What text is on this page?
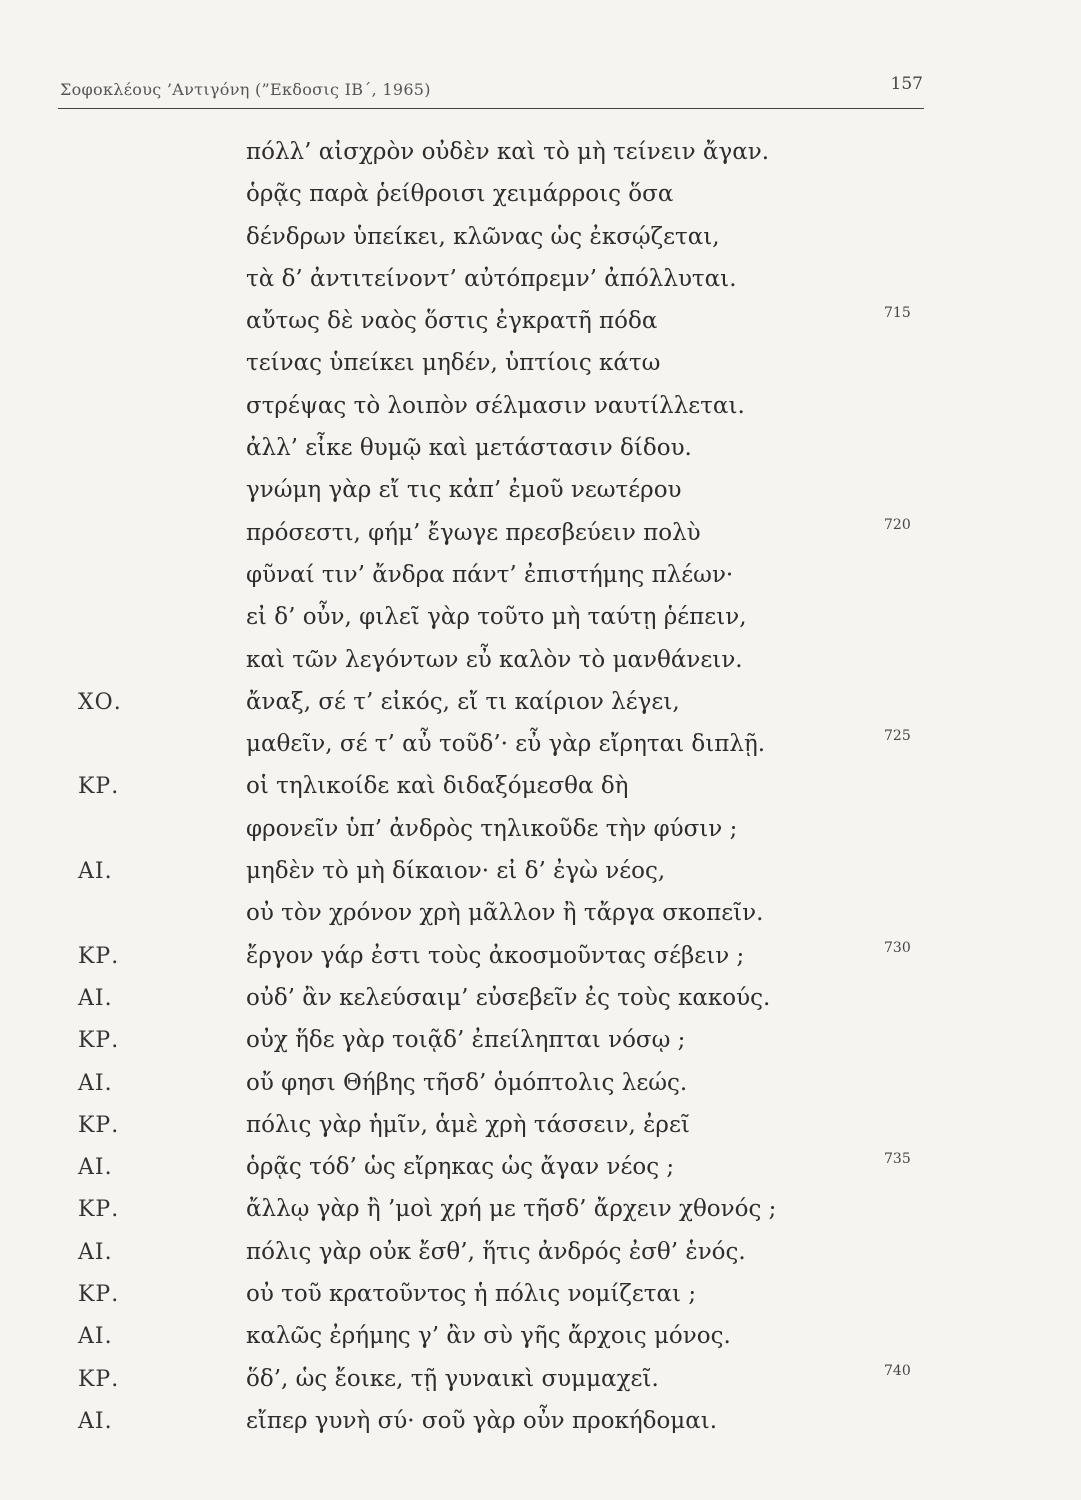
Σοφοκλέους ’Αντιγόνη (”Εκδοσις ΙΒ΄, 1965)	157
πόλλ’ αἰσχρὸν οὐδὲν καὶ τὸ μὴ τείνειν ἄγαν.
ὁρᾷς παρὰ ῥείθροισι χειμάρροις ὅσα
δένδρων ὑπείκει, κλῶνας ὡς ἐκσῴζεται,
τὰ δ’ ἀντιτείνοντ’ αὐτόπρεμν’ ἀπόλλυται.
αὔτως δὲ ναὸς ὅστις ἐγκρατῆ πόδα	715
τείνας ὑπείκει μηδέν, ὑπτίοις κάτω
στρέψας τὸ λοιπὸν σέλμασιν ναυτίλλεται.
ἀλλ’ εἶκε θυμῷ καὶ μετάστασιν δίδου.
γνώμη γὰρ εἴ τις κἀπ’ ἐμοῦ νεωτέρου
πρόσεστι, φήμ’ ἔγωγε πρεσβεύειν πολὺ	720
φῦναί τιν’ ἄνδρα πάντ’ ἐπιστήμης πλέων·
εἰ δ’ οὖν, φιλεῖ γὰρ τοῦτο μὴ ταύτῃ ῥέπειν,
καὶ τῶν λεγόντων εὖ καλὸν τὸ μανθάνειν.
ΧΟ.	ἄναξ, σέ τ’ εἰκός, εἴ τι καίριον λέγει,
μαθεῖν, σέ τ’ αὖ τοῦδ’· εὖ γὰρ εἴρηται διπλῇ.	725
ΚΡ.	οἱ τηλικοίδε καὶ διδαξόμεσθα δὴ
φρονεῖν ὑπ’ ἀνδρὸς τηλικοῦδε τὴν φύσιν ;
ΑΙ.	μηδὲν τὸ μὴ δίκαιον· εἰ δ’ ἐγὼ νέος,
οὐ τὸν χρόνον χρὴ μᾶλλον ἢ τἄργα σκοπεῖν.
ΚΡ.	ἔργον γάρ ἐστι τοὺς ἀκοσμοῦντας σέβειν ;	730
ΑΙ.	οὐδ’ ἂν κελεύσαιμ’ εὐσεβεῖν ἐς τοὺς κακούς.
ΚΡ.	οὐχ ἥδε γὰρ τοιᾷδ’ ἐπείληπται νόσῳ ;
ΑΙ.	οὔ φησι Θήβης τῆσδ’ ὁμόπτολις λεώς.
ΚΡ.	πόλις γὰρ ἡμῖν, ἁμὲ χρὴ τάσσειν, ἐρεῖ
ΑΙ.	ὁρᾷς τόδ’ ὡς εἴρηκας ὡς ἄγαν νέος ;	735
ΚΡ.	ἄλλῳ γὰρ ἢ ’μοὶ χρή με τῆσδ’ ἄρχειν χθονός ;
ΑΙ.	πόλις γὰρ οὐκ ἔσθ’, ἥτις ἀνδρός ἐσθ’ ἑνός.
ΚΡ.	οὐ τοῦ κρατοῦντος ἡ πόλις νομίζεται ;
ΑΙ.	καλῶς ἐρήμης γ’ ἂν σὺ γῆς ἄρχοις μόνος.
ΚΡ.	ὅδ’, ὡς ἔοικε, τῇ γυναικὶ συμμαχεῖ.	740
ΑΙ.	εἴπερ γυνὴ σύ· σοῦ γὰρ οὖν προκήδομαι.
